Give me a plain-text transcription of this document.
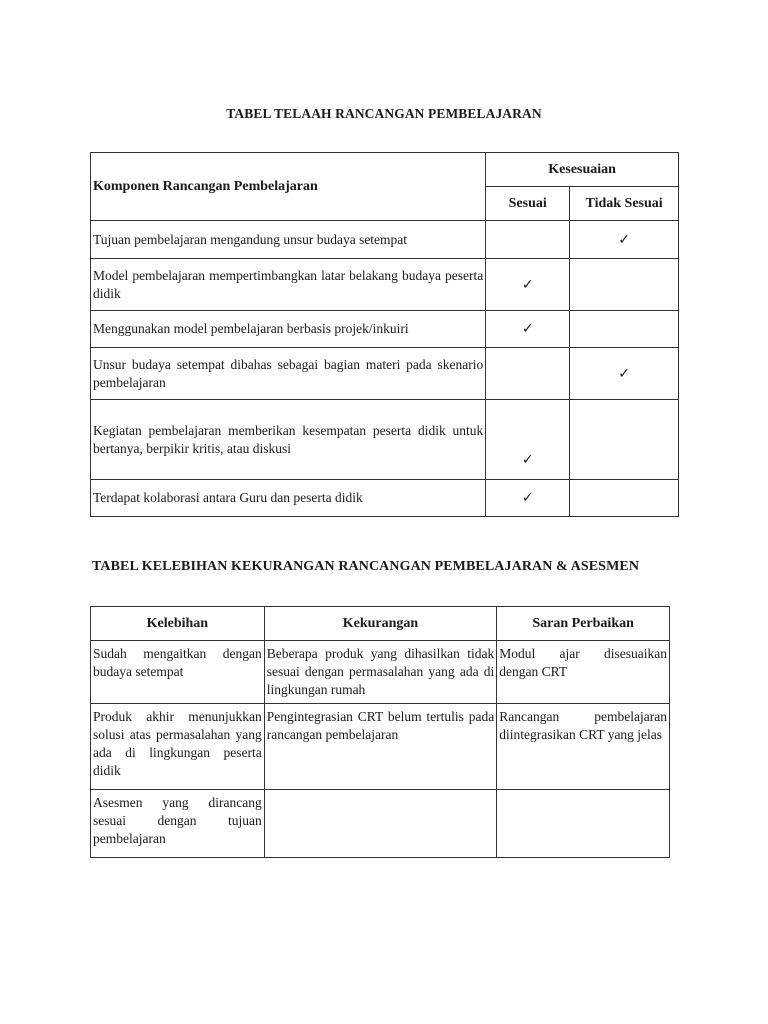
TABEL TELAAH RANCANGAN PEMBELAJARAN
Komponen Rancangan Pembelajaran	Kesesuaian	
	Sesuai	Tidak Sesuai
Tujuan pembelajaran mengandung unsur budaya setempat		✓
Model pembelajaran mempertimbangkan latar belakang budaya peserta didik	✓	
Menggunakan model pembelajaran berbasis projek/inkuiri	✓	
Unsur budaya setempat dibahas sebagai bagian materi pada skenario pembelajaran		✓
Kegiatan pembelajaran memberikan kesempatan peserta didik untuk bertanya, berpikir kritis, atau diskusi	✓	
Terdapat kolaborasi antara Guru dan peserta didik	✓	
TABEL KELEBIHAN KEKURANGAN RANCANGAN PEMBELAJARAN & ASESMEN
Kelebihan	Kekurangan	Saran Perbaikan
Sudah mengaitkan dengan budaya setempat	Beberapa produk yang dihasilkan tidak sesuai dengan permasalahan yang ada di lingkungan rumah	Modul ajar disesuaikan dengan CRT
Produk akhir menunjukkan solusi atas permasalahan yang ada di lingkungan peserta didik	Pengintegrasian CRT belum tertulis pada rancangan pembelajaran	Rancangan pembelajaran diintegrasikan CRT yang jelas
Asesmen yang dirancang sesuai dengan tujuan pembelajaran		
